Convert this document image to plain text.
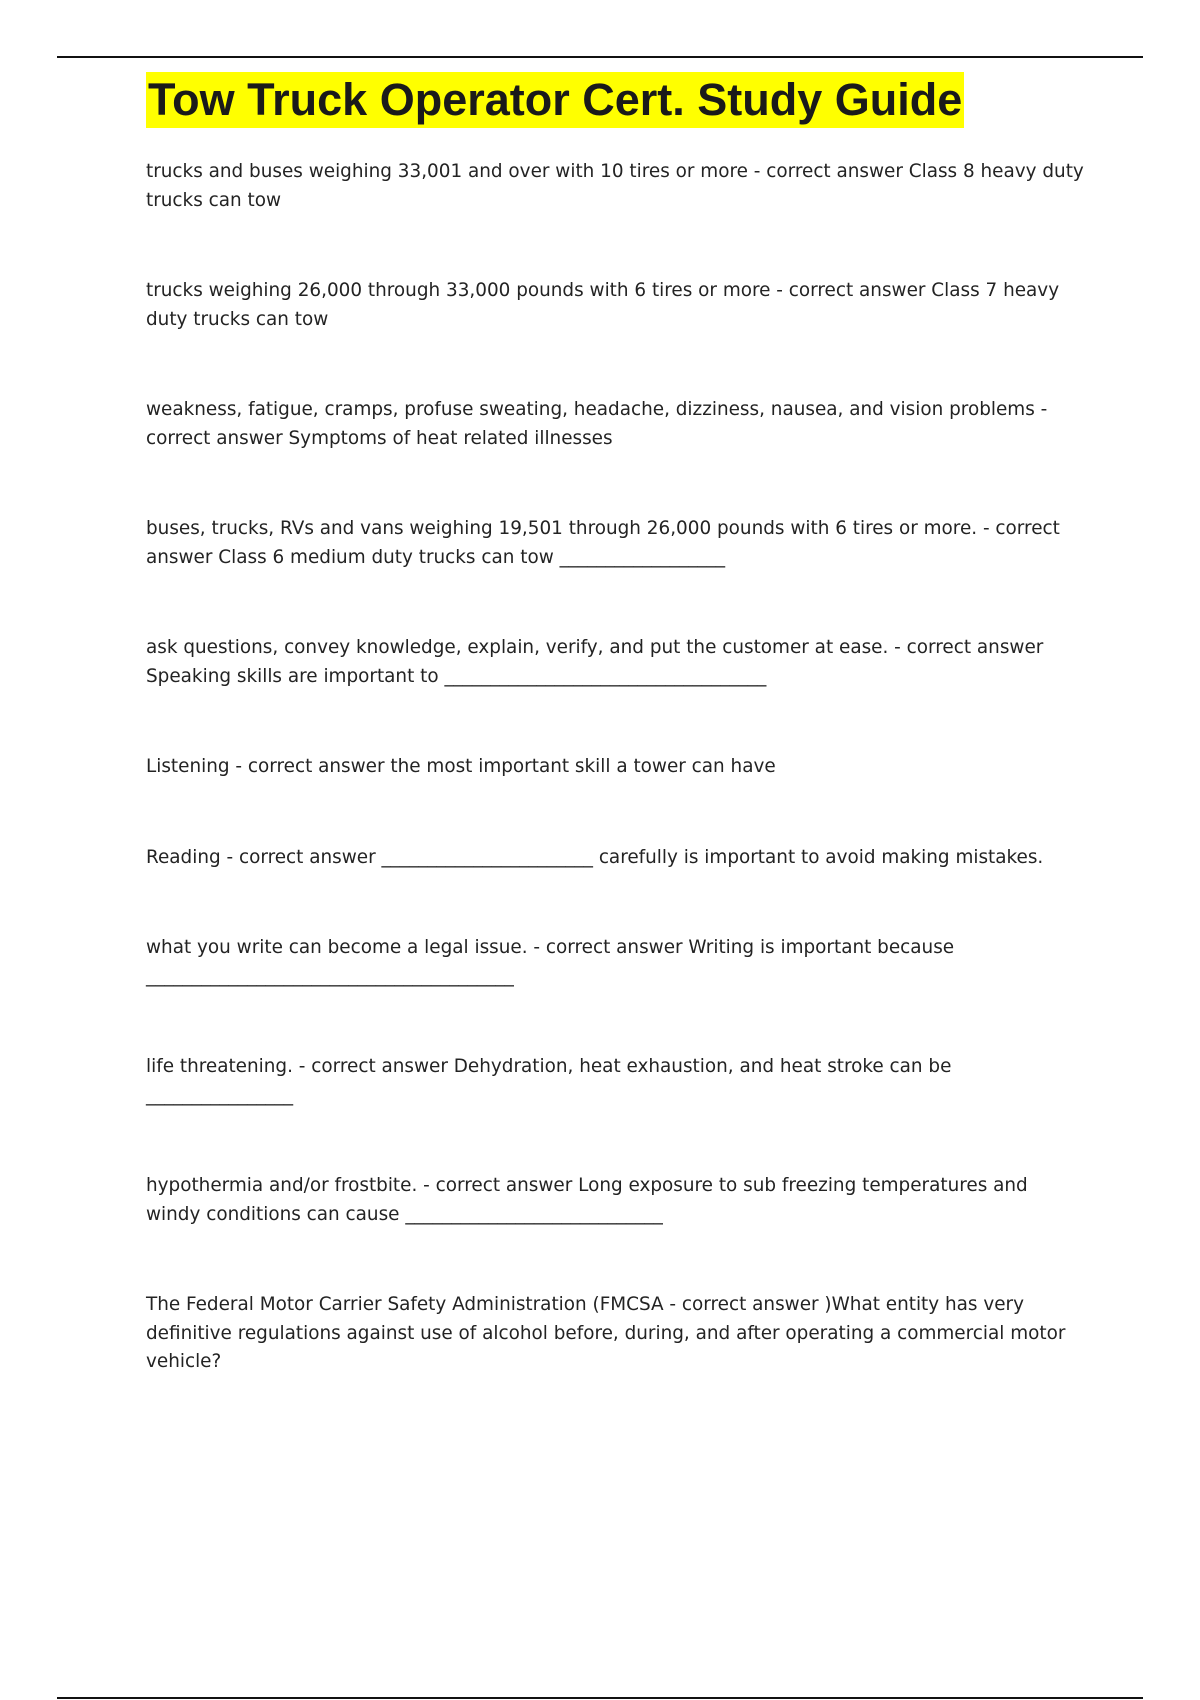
Tow Truck Operator Cert. Study Guide

trucks and buses weighing 33,001 and over with 10 tires or more - correct answer Class 8 heavy duty trucks can tow

trucks weighing 26,000 through 33,000 pounds with 6 tires or more - correct answer Class 7 heavy duty trucks can tow

weakness, fatigue, cramps, profuse sweating, headache, dizziness, nausea, and vision problems - correct answer Symptoms of heat related illnesses

buses, trucks, RVs and vans weighing 19,501 through 26,000 pounds with 6 tires or more. - correct answer Class 6 medium duty trucks can tow __________________

ask questions, convey knowledge, explain, verify, and put the customer at ease. - correct answer Speaking skills are important to ___________________________________

Listening - correct answer the most important skill a tower can have

Reading - correct answer _______________________ carefully is important to avoid making mistakes.

what you write can become a legal issue. - correct answer Writing is important because ________________________________________

life threatening. - correct answer Dehydration, heat exhaustion, and heat stroke can be ________________

hypothermia and/or frostbite. - correct answer Long exposure to sub freezing temperatures and windy conditions can cause ____________________________

The Federal Motor Carrier Safety Administration (FMCSA - correct answer )What entity has very definitive regulations against use of alcohol before, during, and after operating a commercial motor vehicle?
